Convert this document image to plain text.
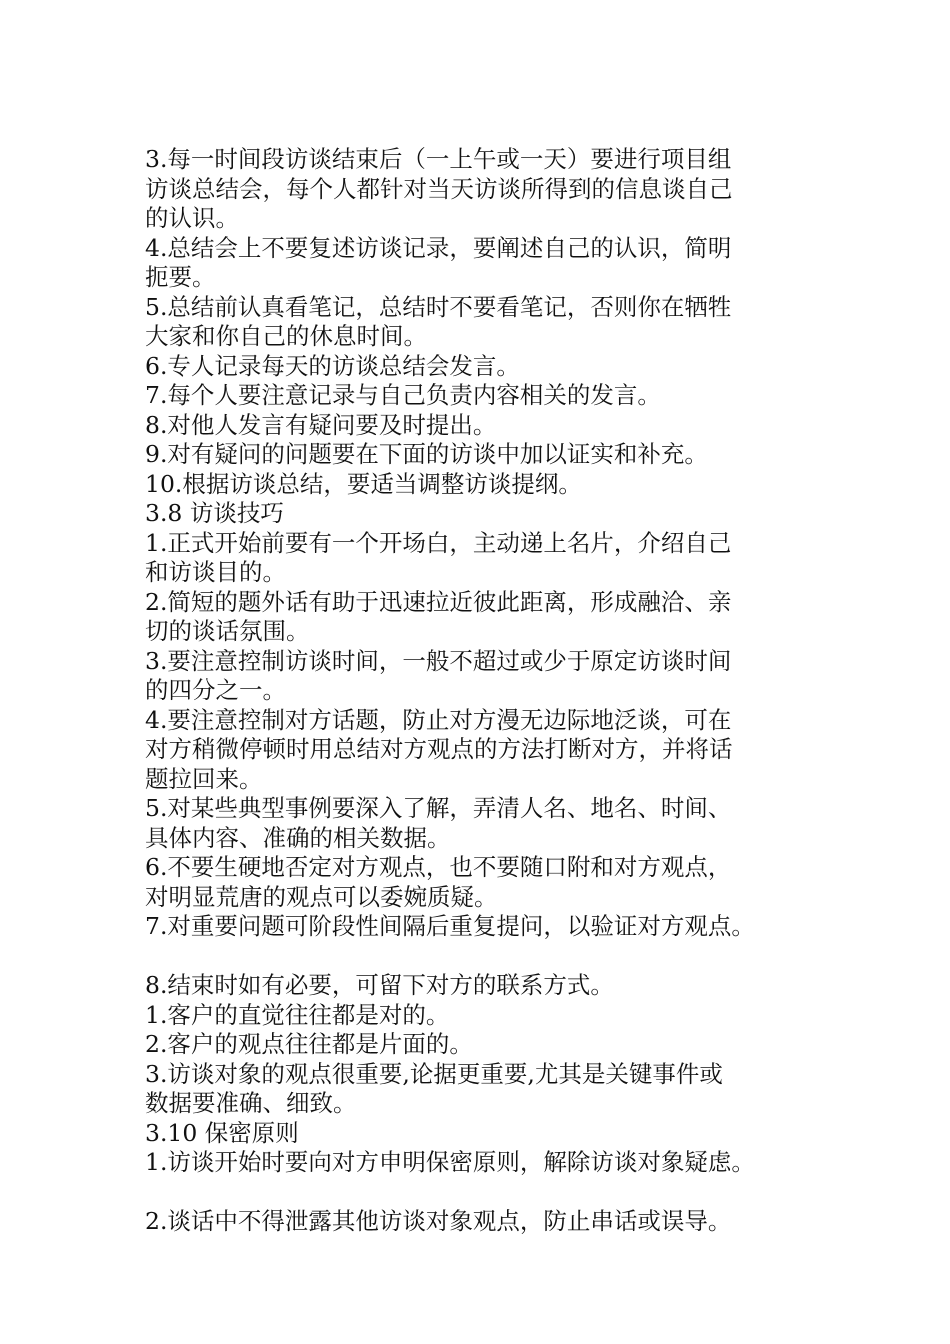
3.每一时间段访谈结束后（一上午或一天）要进行项目组
访谈总结会，每个人都针对当天访谈所得到的信息谈自己
的认识。
4.总结会上不要复述访谈记录，要阐述自己的认识，简明
扼要。
5.总结前认真看笔记，总结时不要看笔记，否则你在牺牲
大家和你自己的休息时间。
6.专人记录每天的访谈总结会发言。
7.每个人要注意记录与自己负责内容相关的发言。
8.对他人发言有疑问要及时提出。
9.对有疑问的问题要在下面的访谈中加以证实和补充。
10.根据访谈总结，要适当调整访谈提纲。
3.8 访谈技巧
1.正式开始前要有一个开场白，主动递上名片，介绍自己
和访谈目的。
2.简短的题外话有助于迅速拉近彼此距离，形成融洽、亲
切的谈话氛围。
3.要注意控制访谈时间，一般不超过或少于原定访谈时间
的四分之一。
4.要注意控制对方话题，防止对方漫无边际地泛谈，可在
对方稍微停顿时用总结对方观点的方法打断对方，并将话
题拉回来。
5.对某些典型事例要深入了解，弄清人名、地名、时间、
具体内容、准确的相关数据。
6.不要生硬地否定对方观点，也不要随口附和对方观点，
对明显荒唐的观点可以委婉质疑。
7.对重要问题可阶段性间隔后重复提问，以验证对方观点。
8.结束时如有必要，可留下对方的联系方式。
1.客户的直觉往往都是对的。
2.客户的观点往往都是片面的。
3.访谈对象的观点很重要,论据更重要,尤其是关键事件或
数据要准确、细致。
3.10 保密原则
1.访谈开始时要向对方申明保密原则，解除访谈对象疑虑。
2.谈话中不得泄露其他访谈对象观点，防止串话或误导。
